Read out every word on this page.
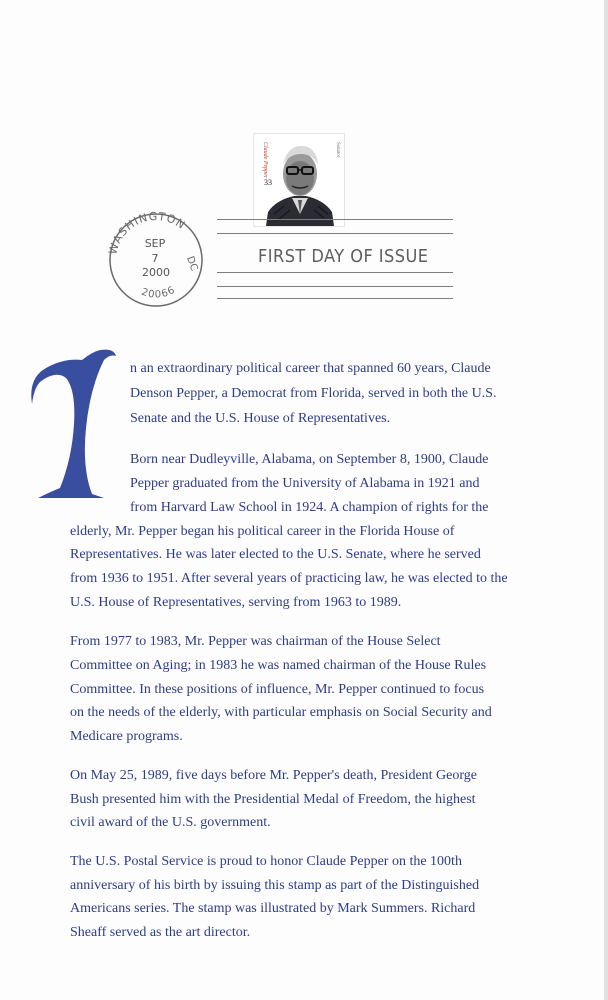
Claude Pepper	Senator
33
WASHINGTON
DC
20066
SEP
7
2000
FIRST DAY OF ISSUE
n an extraordinary political career that spanned 60 years, Claude
Denson Pepper, a Democrat from Florida, served in both the U.S.
Senate and the U.S. House of Representatives.
Born near Dudleyville, Alabama, on September 8, 1900, Claude
Pepper graduated from the University of Alabama in 1921 and
from Harvard Law School in 1924. A champion of rights for the
elderly, Mr. Pepper began his political career in the Florida House of
Representatives. He was later elected to the U.S. Senate, where he served
from 1936 to 1951. After several years of practicing law, he was elected to the
U.S. House of Representatives, serving from 1963 to 1989.
From 1977 to 1983, Mr. Pepper was chairman of the House Select
Committee on Aging; in 1983 he was named chairman of the House Rules
Committee. In these positions of influence, Mr. Pepper continued to focus
on the needs of the elderly, with particular emphasis on Social Security and
Medicare programs.
On May 25, 1989, five days before Mr. Pepper's death, President George
Bush presented him with the Presidential Medal of Freedom, the highest
civil award of the U.S. government.
The U.S. Postal Service is proud to honor Claude Pepper on the 100th
anniversary of his birth by issuing this stamp as part of the Distinguished
Americans series. The stamp was illustrated by Mark Summers. Richard
Sheaff served as the art director.
